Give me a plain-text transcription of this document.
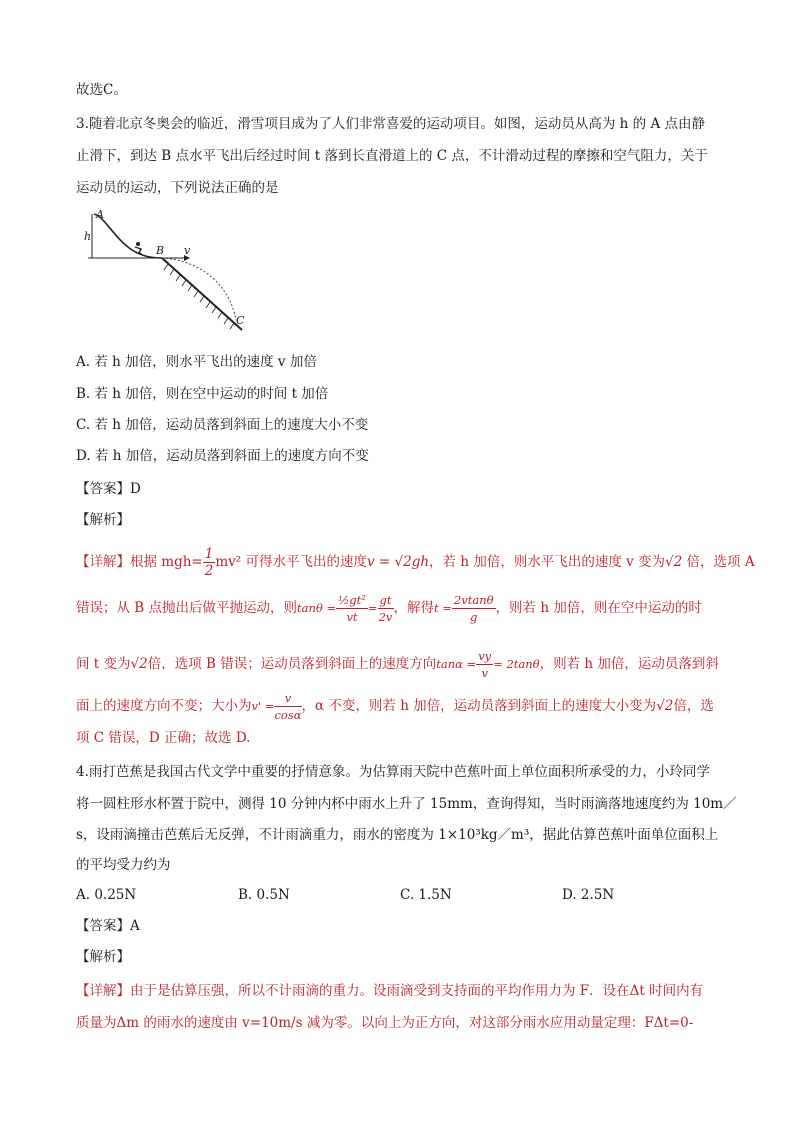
故选C。
3.随着北京冬奥会的临近，滑雪项目成为了人们非常喜爱的运动项目。如图，运动员从高为 h 的 A 点由静
止滑下，到达 B 点水平飞出后经过时间 t 落到长直滑道上的 C 点，不计滑动过程的摩擦和空气阻力，关于
运动员的运动，下列说法正确的是
A
h
B v
C
A. 若 h 加倍，则水平飞出的速度 v 加倍
B. 若 h 加倍，则在空中运动的时间 t 加倍
C. 若 h 加倍，运动员落到斜面上的速度大小不变
D. 若 h 加倍，运动员落到斜面上的速度方向不变
【答案】D
【解析】
【详解】根据 $mgh= \frac{1}{2} mv^2$ 可得水平飞出的速度v = √2gh，若 h 加倍，则水平飞出的速度 v 变为√2 倍，选项 A
错误；从 B 点抛出后做平抛运动，则$\tan\theta = \frac{\text{½gt²}}{vt} = \frac{gt}{2v}$ ，解得$t = \frac{2vtan\theta}{g}$ ，则若 h 加倍，则在空中运动的时
间 t 变为√2倍，选项 B 错误；运动员落到斜面上的速度方向$\tan\alpha = \frac{vy}{v} = 2\tan\theta$，则若 h 加倍，运动员落到斜
面上的速度方向不变；大小为$v' = \frac{v}{\cos\alpha}$ ，α 不变，则若 h 加倍，运动员落到斜面上的速度大小变为√2倍，选
项 C 错误，D 正确；故选 D.
4.雨打芭蕉是我国古代文学中重要的抒情意象。为估算雨天院中芭蕉叶面上单位面积所承受的力，小玲同学
将一圆柱形水杯置于院中，测得 10 分钟内杯中雨水上升了 15mm，查询得知，当时雨滴落地速度约为 10m／
s，设雨滴撞击芭蕉后无反弹，不计雨滴重力，雨水的密度为 1×10³kg／m³，据此估算芭蕉叶面单位面积上
的平均受力约为
A. 0.25N	B. 0.5N	C. 1.5N	D. 2.5N
【答案】A
【解析】
【详解】由于是估算压强，所以不计雨滴的重力。设雨滴受到支持面的平均作用力为 F．设在Δt 时间内有
质量为Δm 的雨水的速度由 v=10m/s 减为零。以向上为正方向，对这部分雨水应用动量定理：FΔt=0-
